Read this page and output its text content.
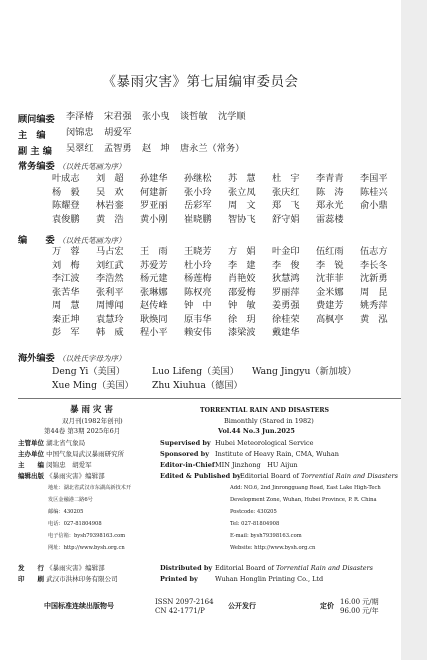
《暴雨灾害》第七届编审委员会
顾问编委 李泽椿 宋君强 张小曳 谈哲敏 沈学顺
主　编 闵锦忠 胡爱军
副 主 编 吴翠红 孟智勇 赵　坤 唐永兰（常务）
常务编委 （以姓氏笔画为序）
叶成志 刘　超 孙建华 孙继松 苏　慧 杜　宇 李青青 李国平
杨　毅 吴　欢 何建新 张小玲 张立凤 张庆红 陈　涛 陈桂兴
陈耀登 林岩銮 罗亚丽 岳彩军 周　文 郑　飞 郑永光 俞小鼎
袁俊鹏 黄　浩 黄小刚 崔晓鹏 智协飞 舒守娟 雷蕊楼
编　　委 （以姓氏笔画为序）
万　蓉 马占宏 王　雨 王晓芳 方　娟 叶金印 伍红雨 伍志方
刘　梅 刘红武 苏爱芳 杜小玲 李　建 李　俊 李　锐 李长冬
李江波 李浩然 杨元建 杨莲梅 肖艳姣 狄慧鸿 沈菲菲 沈新勇
张苦华 张利平 张琳娜 陈权亮 邵爱梅 罗丽萍 金米娜 周　昆
周　慧 周博闻 赵传峰 钟　中 钟　敏 姜勇强 费建芳 姚秀萍
秦正坤 袁慧玲 耿焕同 原韦华 徐　玥 徐桂荣 高枫亭 黄　泓
彭　军 韩　威 程小平 赖安伟 漆梁波 戴建华
海外编委 （以姓氏字母为序）
Deng Yi（美国）	Luo Lifeng（美国） Wang Jingyu（新加坡）
Xue Ming（美国） Zhu Xiuhua（德国）
暴 雨 灾 害
双月刊(1982年创刊)
第44卷 第3期 2025年6月
主管单位 湖北省气象局
主办单位 中国气象局武汉暴雨研究所
主　　编 闵锦忠　胡爱军
编辑出版 《暴雨灾害》编辑部
地址：湖北省武汉市东湖高新技术开
发区金融港二路6号
邮编：430205
电话：027-81804908
电子信箱：bysh79398163.com
网址：http://www.bysh.org.cn
发　　行 《暴雨灾害》编辑部
印　　刷 武汉市洪林印务有限公司
TORRENTIAL RAIN AND DISASTERS
Bimonthly (Stared in 1982)
Vol.44 No.3 Jun.2025
Supervised by Hubei Meteorological Service
Sponsored by Institute of Heavy Rain, CMA, Wuhan
Editor-in-Chief MIN Jinzhong　HU Aijun
Edited & Published by Editorial Board of Torrential Rain and Disasters
Add: NO.6, 2nd Jinrongguang Road, East Lake High-Tech
Development Zone, Wuhan, Hubei Province, P. R. China
Postcode: 430205
Tel: 027-81804908
E-mail: bysh79398163.com
Website: http://www.bysh.org.cn
Distributed by Editorial Board of Torrential Rain and Disasters
Printed by	Wuhan Honglin Printing Co., Ltd
中国标准连续出版物号	ISSN 2097-2164
CN 42-1771/P
公开发行	定价 16.00 元/期
96.00 元/年
